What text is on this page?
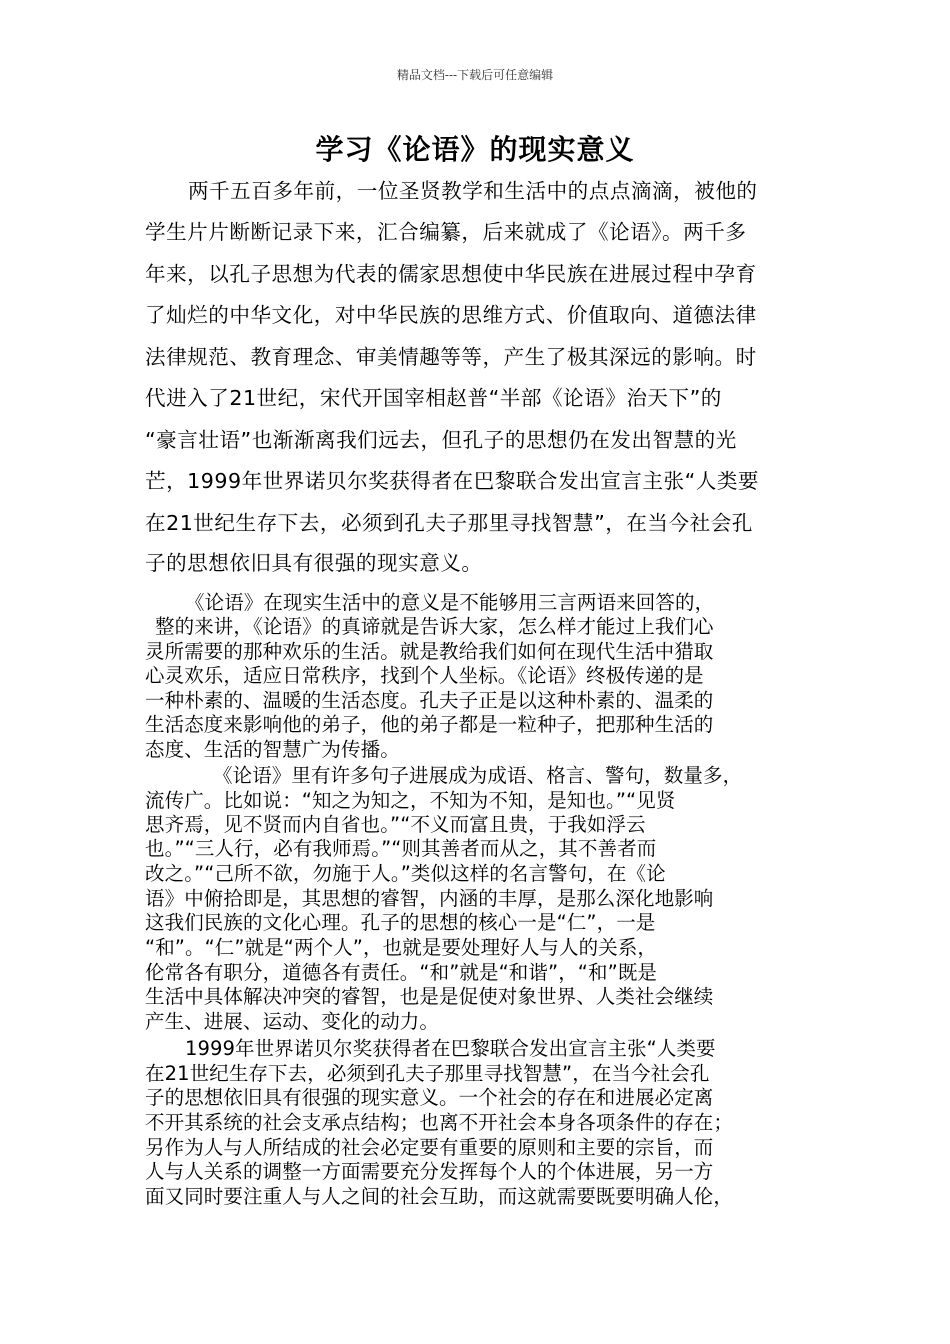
精品文档---下载后可任意编辑
学习《论语》的现实意义
两千五百多年前，一位圣贤教学和生活中的点点滴滴，被他的
学生片片断断记录下来，汇合编纂，后来就成了《论语》。两千多
年来，以孔子思想为代表的儒家思想使中华民族在进展过程中孕育
了灿烂的中华文化，对中华民族的思维方式、价值取向、道德法律
法律规范、教育理念、审美情趣等等，产生了极其深远的影响。时
代进入了21世纪，宋代开国宰相赵普“半部《论语》治天下”的
“豪言壮语”也渐渐离我们远去，但孔子的思想仍在发出智慧的光
芒，1999年世界诺贝尔奖获得者在巴黎联合发出宣言主张“人类要
在21世纪生存下去，必须到孔夫子那里寻找智慧”，在当今社会孔
子的思想依旧具有很强的现实意义。
《论语》在现实生活中的意义是不能够用三言两语来回答的，
整的来讲，《论语》的真谛就是告诉大家，怎么样才能过上我们心
灵所需要的那种欢乐的生活。就是教给我们如何在现代生活中猎取
心灵欢乐，适应日常秩序，找到个人坐标。《论语》终极传递的是
一种朴素的、温暖的生活态度。孔夫子正是以这种朴素的、温柔的
生活态度来影响他的弟子，他的弟子都是一粒种子，把那种生活的
态度、生活的智慧广为传播。
《论语》里有许多句子进展成为成语、格言、警句，数量多，
流传广。比如说：“知之为知之，不知为不知，是知也。”“见贤
思齐焉，见不贤而内自省也。”“不义而富且贵，于我如浮云
也。”“三人行，必有我师焉。”“则其善者而从之，其不善者而
改之。”“己所不欲，勿施于人。”类似这样的名言警句，在《论
语》中俯拾即是，其思想的睿智，内涵的丰厚，是那么深化地影响
这我们民族的文化心理。孔子的思想的核心一是“仁”，一是
“和”。“仁”就是“两个人”，也就是要处理好人与人的关系，
伦常各有职分，道德各有责任。“和”就是“和谐”，“和”既是
生活中具体解决冲突的睿智，也是是促使对象世界、人类社会继续
产生、进展、运动、变化的动力。
1999年世界诺贝尔奖获得者在巴黎联合发出宣言主张“人类要
在21世纪生存下去，必须到孔夫子那里寻找智慧”，在当今社会孔
子的思想依旧具有很强的现实意义。一个社会的存在和进展必定离
不开其系统的社会支承点结构；也离不开社会本身各项条件的存在；
另作为人与人所结成的社会必定要有重要的原则和主要的宗旨，而
人与人关系的调整一方面需要充分发挥每个人的个体进展，另一方
面又同时要注重人与人之间的社会互助，而这就需要既要明确人伦，
